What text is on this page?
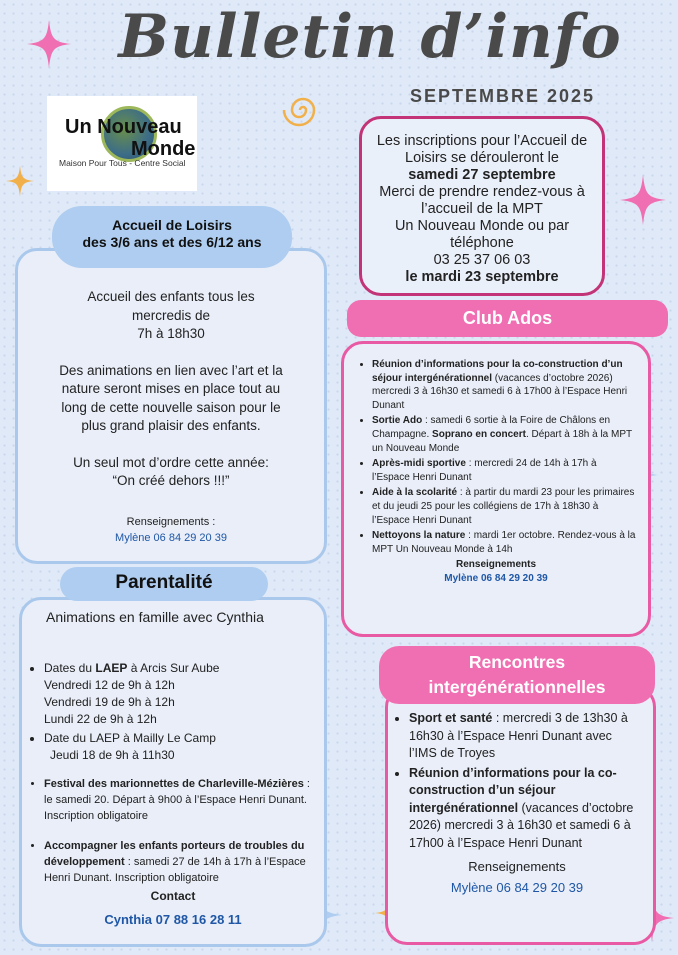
Bulletin d’info
SEPTEMBRE 2025
Un Nouveau
Monde
Maison Pour Tous - Centre Social
Les inscriptions pour l’Accueil de
Loisirs se dérouleront le
samedi 27 septembre
Merci de prendre rendez-vous à
l’accueil de la MPT
Un Nouveau Monde ou par
téléphone
03 25 37 06 03
le mardi 23 septembre
Accueil de Loisirs
des 3/6 ans et des 6/12 ans
Accueil des enfants tous les
mercredis de
7h à 18h30
Des animations en lien avec l’art et la
nature seront mises en place tout au
long de cette nouvelle saison pour le
plus grand plaisir des enfants.
Un seul mot d’ordre cette année:
“On créé dehors !!!”
Renseignements :
Mylène 06 84 29 20 39
Club Ados
• Réunion d’informations pour la co-construction d’un séjour intergénérationnel (vacances d’octobre 2026) mercredi 3 à 16h30 et samedi 6 à 17h00 à l’Espace Henri Dunant
• Sortie Ado : samedi 6 sortie à la Foire de Châlons en Champagne. Soprano en concert. Départ à 18h à la MPT un Nouveau Monde
• Après-midi sportive : mercredi 24 de 14h à 17h à l’Espace Henri Dunant
• Aide à la scolarité : à partir du mardi 23 pour les primaires et du jeudi 25 pour les collégiens de 17h à 18h30 à l’Espace Henri Dunant
• Nettoyons la nature : mardi 1er octobre. Rendez-vous à la MPT Un Nouveau Monde à 14h
Renseignements
Mylène 06 84 29 20 39
Parentalité
Animations en famille avec Cynthia
• Dates du LAEP à Arcis Sur Aube
Vendredi 12 de 9h à 12h
Vendredi 19 de 9h à 12h
Lundi 22 de 9h à 12h
• Date du LAEP à Mailly Le Camp
Jeudi 18 de 9h à 11h30
• Festival des marionnettes de Charleville-Mézières : le samedi 20. Départ à 9h00 à l’Espace Henri Dunant. Inscription obligatoire
• Accompagner les enfants porteurs de troubles du développement : samedi 27 de 14h à 17h à l’Espace Henri Dunant. Inscription obligatoire
Contact
Cynthia 07 88 16 28 11
Rencontres
intergénérationnelles
• Sport et santé : mercredi 3 de 13h30 à 16h30 à l’Espace Henri Dunant avec l’IMS de Troyes
• Réunion d’informations pour la co-construction d’un séjour intergénérationnel (vacances d’octobre 2026) mercredi 3 à 16h30 et samedi 6 à 17h00 à l’Espace Henri Dunant
Renseignements
Mylène 06 84 29 20 39
